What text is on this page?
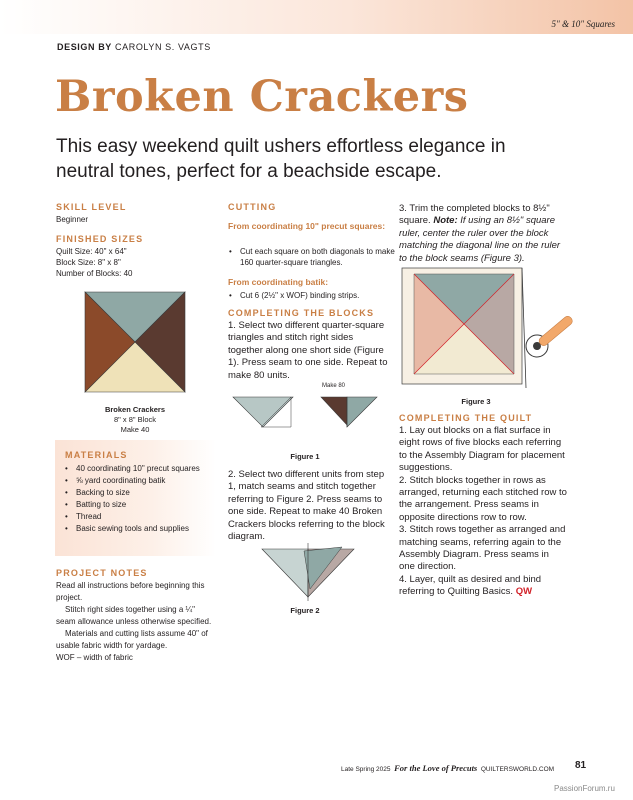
5" & 10" Squares
DESIGN BY CAROLYN S. VAGTS
Broken Crackers
This easy weekend quilt ushers effortless elegance in neutral tones, perfect for a beachside escape.
SKILL LEVEL
Beginner
FINISHED SIZES
Quilt Size: 40" x 64"
Block Size: 8" x 8"
Number of Blocks: 40
Broken Crackers
8" x 8" Block
Make 40
MATERIALS
• 40 coordinating 10" precut squares
• ⅝ yard coordinating batik
• Backing to size
• Batting to size
• Thread
• Basic sewing tools and supplies
PROJECT NOTES
Read all instructions before beginning this project.
Stitch right sides together using a ¼" seam allowance unless otherwise specified.
Materials and cutting lists assume 40" of usable fabric width for yardage.
WOF – width of fabric
CUTTING
From coordinating 10" precut squares:
• Cut each square on both diagonals to make 160 quarter-square triangles.
From coordinating batik:
• Cut 6 (2½" x WOF) binding strips.
COMPLETING THE BLOCKS
1. Select two different quarter-square triangles and stitch right sides together along one short side (Figure 1). Press seam to one side. Repeat to make 80 units.
Make 80
Figure 1
2. Select two different units from step 1, match seams and stitch together referring to Figure 2. Press seams to one side. Repeat to make 40 Broken Crackers blocks referring to the block diagram.
Figure 2
3. Trim the completed blocks to 8½" square. Note: If using an 8½" square ruler, center the ruler over the block matching the diagonal line on the ruler to the block seams (Figure 3).
Figure 3
COMPLETING THE QUILT
1. Lay out blocks on a flat surface in eight rows of five blocks each referring to the Assembly Diagram for placement suggestions.
2. Stitch blocks together in rows as arranged, returning each stitched row to the arrangement. Press seams in opposite directions row to row.
3. Stitch rows together as arranged and matching seams, referring again to the Assembly Diagram. Press seams in one direction.
4. Layer, quilt as desired and bind referring to Quilting Basics. QW
Late Spring 2025 For the Love of Precuts QUILTERSWORLD.COM 81
PassionForum.ru
